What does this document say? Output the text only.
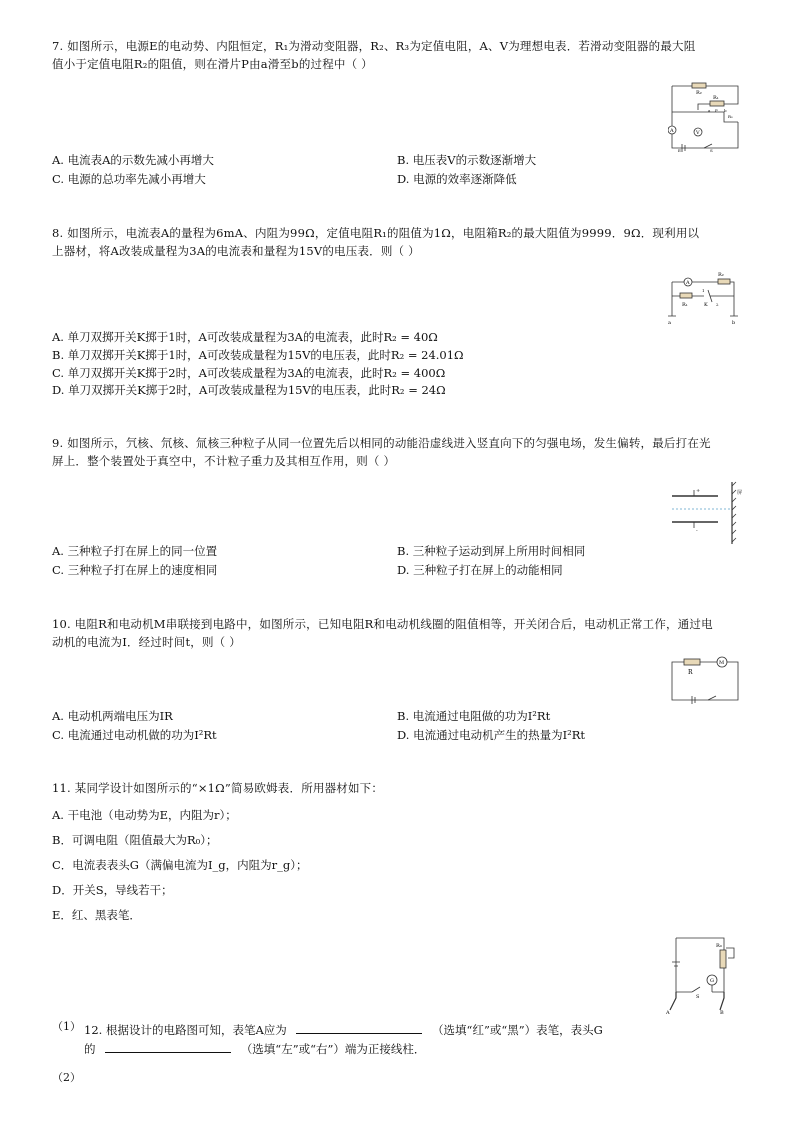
7. 如图所示，电源E的电动势、内阻恒定，R₁为滑动变阻器，R₂、R₃为定值电阻，A、V为理想电表．若滑动变阻器的最大阻

值小于定值电阻R₂的阻值，则在滑片P由a滑至b的过程中（ ）

R₂
R₁
a P b
R₃
A	V
E	S
A. 电流表A的示数先减小再增大	B. 电压表V的示数逐渐增大
C. 电源的总功率先减小再增大	D. 电源的效率逐渐降低

8. 如图所示，电流表A的量程为6mA、内阻为99Ω，定值电阻R₁的阻值为1Ω，电阻箱R₂的最大阻值为9999．9Ω．现利用以

上器材，将A改装成量程为3A的电流表和量程为15V的电压表．则（ ）

A
R₂
1
K 2
R₁
a	b
A. 单刀双掷开关K掷于1时，A可改装成量程为3A的电流表，此时R₂ = 40Ω
B. 单刀双掷开关K掷于1时，A可改装成量程为15V的电压表，此时R₂ = 24.01Ω
C. 单刀双掷开关K掷于2时，A可改装成量程为3A的电流表，此时R₂ = 400Ω
D. 单刀双掷开关K掷于2时，A可改装成量程为15V的电压表，此时R₂ = 24Ω

9. 如图所示，氕核、氘核、氚核三种粒子从同一位置先后以相同的动能沿虚线进入竖直向下的匀强电场，发生偏转，最后打在光

屏上．整个装置处于真空中，不计粒子重力及其相互作用，则（ ）

+
-
屏
A. 三种粒子打在屏上的同一位置	B. 三种粒子运动到屏上所用时间相同
C. 三种粒子打在屏上的速度相同	D. 三种粒子打在屏上的动能相同

10. 电阻R和电动机M串联接到电路中，如图所示，已知电阻R和电动机线圈的阻值相等，开关闭合后，电动机正常工作，通过电

动机的电流为I．经过时间t，则（ ）

R
M
A. 电动机两端电压为IR	B. 电流通过电阻做的功为I²Rt
C. 电流通过电动机做的功为I²Rt	D. 电流通过电动机产生的热量为I²Rt

11. 某同学设计如图所示的“×1Ω”简易欧姆表．所用器材如下：

A. 干电池（电动势为E，内阻为r）；
B．可调电阻（阻值最大为R₀）；
C．电流表表头G（满偏电流为I_g，内阻为r_g）；
D．开关S，导线若干；
E．红、黑表笔．
R₀
G
S
A	B
（1） 12. 根据设计的电路图可知，表笔A应为	（选填“红”或“黑”）表笔，表头G
的	（选填“左”或“右”）端为正接线柱．
（2）
